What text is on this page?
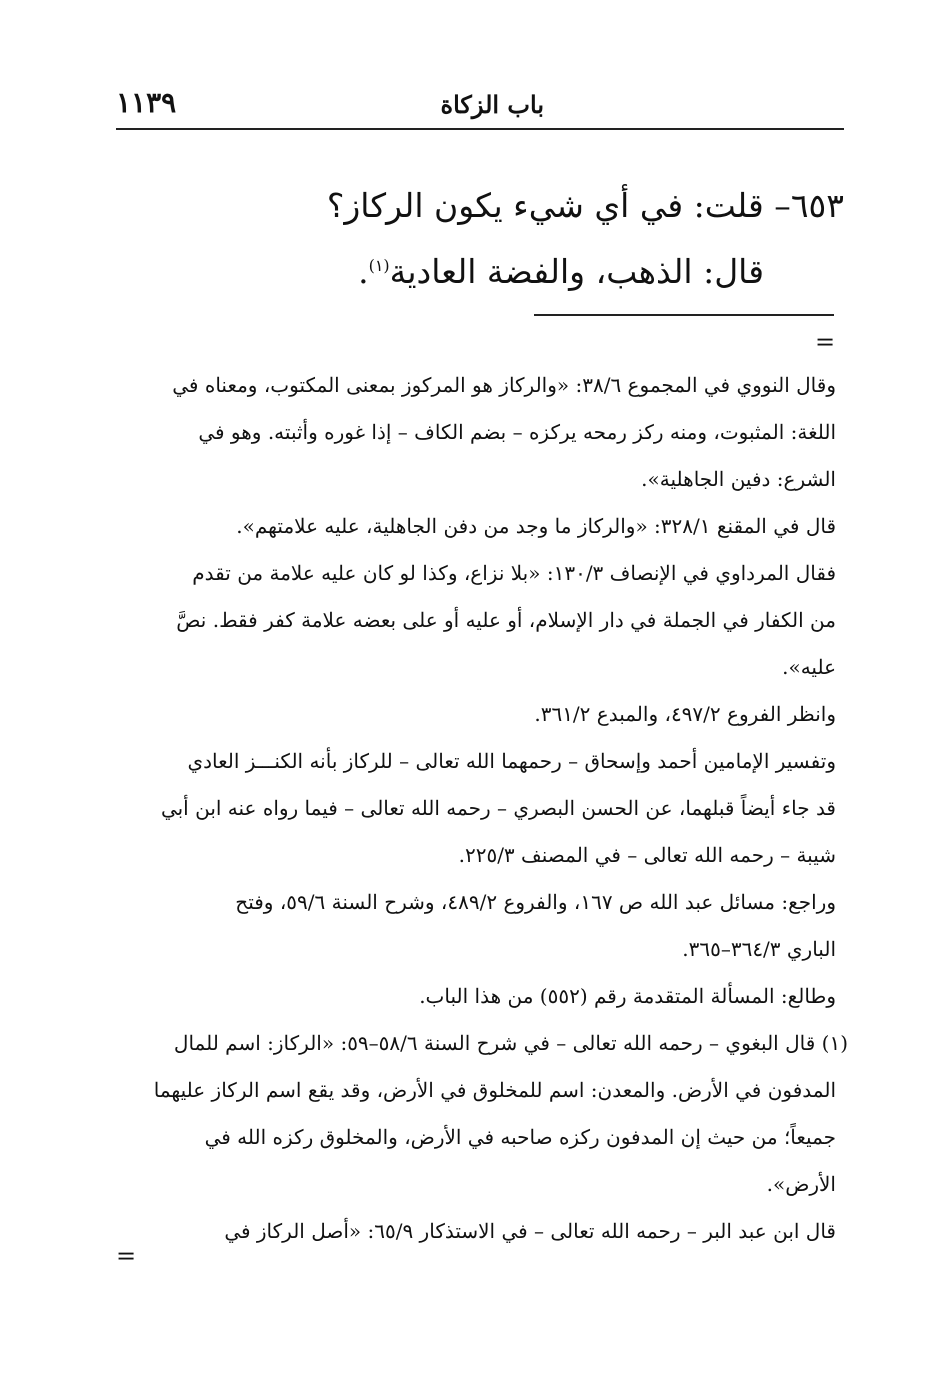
باب الزكاة
١١٣٩
٦٥٣– قلت: في أي شيء يكون الركاز؟
قال: الذهب، والفضة العادية$^{(١)}$.
=

وقال النووي في المجموع ٣٨/٦: «والركاز هو المركوز بمعنى المكتوب، ومعناه في

اللغة: المثبوت، ومنه ركز رمحه يركزه – بضم الكاف – إذا غوره وأثبته. وهو في

الشرع: دفين الجاهلية».

قال في المقنع ٣٢٨/١: «والركاز ما وجد من دفن الجاهلية، عليه علامتهم».

فقال المرداوي في الإنصاف ١٣٠/٣: «بلا نزاع، وكذا لو كان عليه علامة من تقدم

من الكفار في الجملة في دار الإسلام، أو عليه أو على بعضه علامة كفر فقط. نصَّ

عليه».

وانظر الفروع ٤٩٧/٢، والمبدع ٣٦١/٢.

وتفسير الإمامين أحمد وإسحاق – رحمهما الله تعالى – للركاز بأنه الكنـــز العادي

قد جاء أيضاً قبلهما، عن الحسن البصري – رحمه الله تعالى – فيما رواه عنه ابن أبي

شيبة – رحمه الله تعالى – في المصنف ٢٢٥/٣.

وراجع: مسائل عبد الله ص ١٦٧، والفروع ٤٨٩/٢، وشرح السنة ٥٩/٦، وفتح

الباري ٣٦٤/٣–٣٦٥.

وطالع: المسألة المتقدمة رقم (٥٥٢) من هذا الباب.

(١) قال البغوي – رحمه الله تعالى – في شرح السنة ٥٨/٦–٥٩: «الركاز: اسم للمال

المدفون في الأرض. والمعدن: اسم للمخلوق في الأرض، وقد يقع اسم الركاز عليهما

جميعاً؛ من حيث إن المدفون ركزه صاحبه في الأرض، والمخلوق ركزه الله في

الأرض».

قال ابن عبد البر – رحمه الله تعالى – في الاستذكار ٦٥/٩: «أصل الركاز في

=
